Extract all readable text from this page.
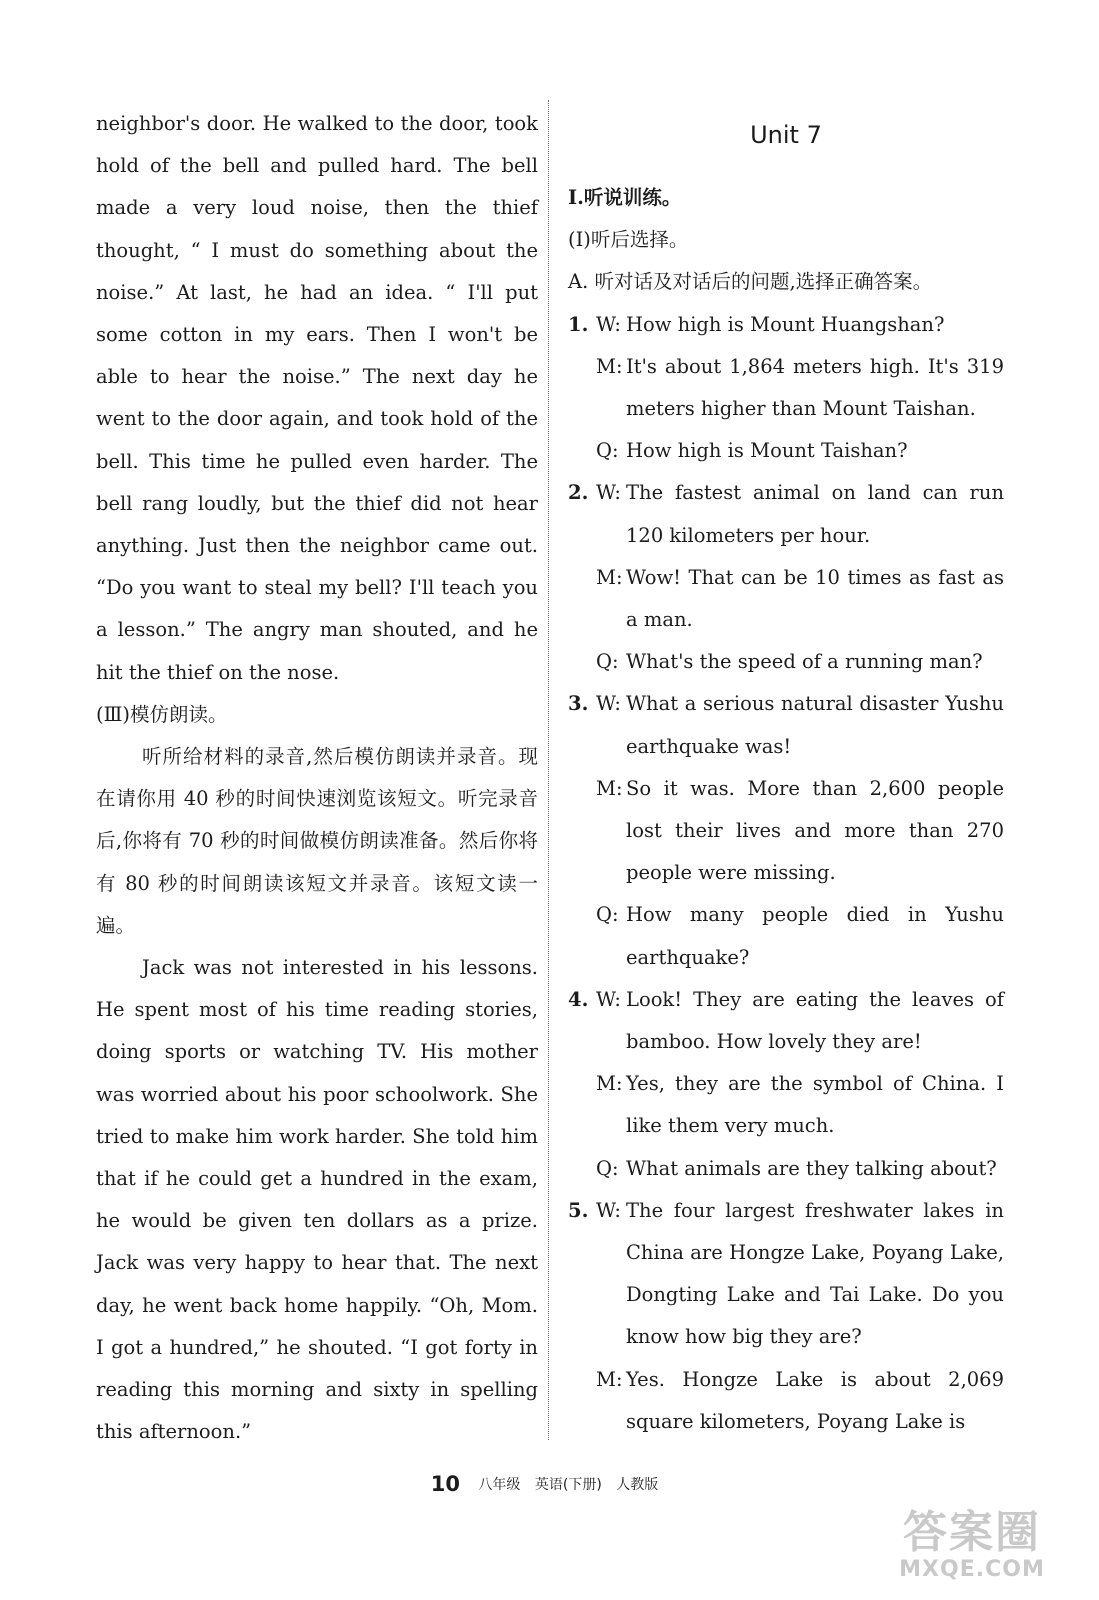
neighbor's door. He walked to the door, took hold of the bell and pulled hard. The bell made a very loud noise, then the thief thought, “ I must do something about the noise.” At last, he had an idea. “ I'll put some cotton in my ears. Then I won't be able to hear the noise.” The next day he went to the door again, and took hold of the bell. This time he pulled even harder. The bell rang loudly, but the thief did not hear anything. Just then the neighbor came out. “Do you want to steal my bell? I'll teach you a lesson.” The angry man shouted, and he hit the thief on the nose.

(Ⅲ)模仿朗读。

听所给材料的录音,然后模仿朗读并录音。现在请你用 40 秒的时间快速浏览该短文。听完录音后,你将有 70 秒的时间做模仿朗读准备。然后你将有 80 秒的时间朗读该短文并录音。该短文读一遍。

Jack was not interested in his lessons. He spent most of his time reading stories, doing sports or watching TV. His mother was worried about his poor schoolwork. She tried to make him work harder. She told him that if he could get a hundred in the exam, he would be given ten dollars as a prize. Jack was very happy to hear that. The next day, he went back home happily. “Oh, Mom. I got a hundred,” he shouted. “I got forty in reading this morning and sixty in spelling this afternoon.”

Unit 7

Ⅰ.听说训练。

(Ⅰ)听后选择。

A. 听对话及对话后的问题,选择正确答案。

1. W: How high is Mount Huangshan?
M: It's about 1,864 meters high. It's 319 meters higher than Mount Taishan.
Q: How high is Mount Taishan?
2. W: The fastest animal on land can run 120 kilometers per hour.
M: Wow! That can be 10 times as fast as a man.
Q: What's the speed of a running man?
3. W: What a serious natural disaster Yushu earthquake was!
M: So it was. More than 2,600 people lost their lives and more than 270 people were missing.
Q: How many people died in Yushu earthquake?
4. W: Look! They are eating the leaves of bamboo. How lovely they are!
M: Yes, they are the symbol of China. I like them very much.
Q: What animals are they talking about?
5. W: The four largest freshwater lakes in China are Hongze Lake, Poyang Lake, Dongting Lake and Tai Lake. Do you know how big they are?
M: Yes. Hongze Lake is about 2,069 square kilometers, Poyang Lake is
10 八年级 英语(下册) 人教版
答案圈
MXQE.COM
